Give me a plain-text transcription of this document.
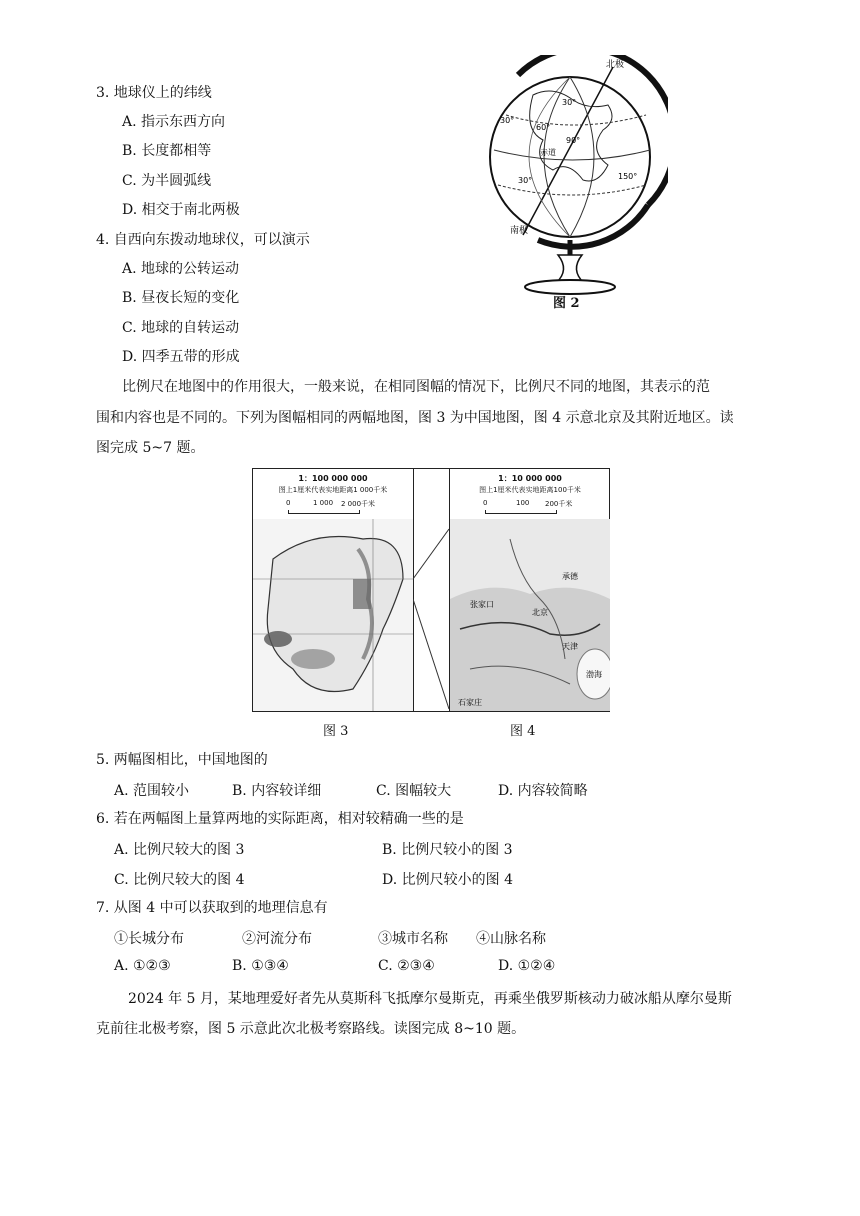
3. 地球仪上的纬线
A. 指示东西方向
B. 长度都相等
C. 为半圆弧线
D. 相交于南北两极
4. 自西向东拨动地球仪，可以演示
A. 地球的公转运动
B. 昼夜长短的变化
C. 地球的自转运动
D. 四季五带的形成
北极
南极
赤道
30°
60°
30°
90°
150°
30°
图 2
比例尺在地图中的作用很大，一般来说，在相同图幅的情况下，比例尺不同的地图，其表示的范
围和内容也是不同的。下列为图幅相同的两幅地图，图 3 为中国地图，图 4 示意北京及其附近地区。读
图完成 5~7 题。
1：100 000 000
图上1厘米代表实地距离1 000千米
0	1 000 2 000千米
1：10 000 000
图上1厘米代表实地距离100千米
0	100 200千米
承德
张家口
北京
天津
渤海
石家庄
图 3	图 4
5. 两幅图相比，中国地图的
A. 范围较小	B. 内容较详细	C. 图幅较大	D. 内容较简略
6. 若在两幅图上量算两地的实际距离，相对较精确一些的是
A. 比例尺较大的图 3	B. 比例尺较小的图 3
C. 比例尺较大的图 4	D. 比例尺较小的图 4
7. 从图 4 中可以获取到的地理信息有
①长城分布	②河流分布	③城市名称 ④山脉名称
A. ①②③	B. ①③④	C. ②③④	D. ①②④
2024 年 5 月，某地理爱好者先从莫斯科飞抵摩尔曼斯克，再乘坐俄罗斯核动力破冰船从摩尔曼斯
克前往北极考察，图 5 示意此次北极考察路线。读图完成 8~10 题。
